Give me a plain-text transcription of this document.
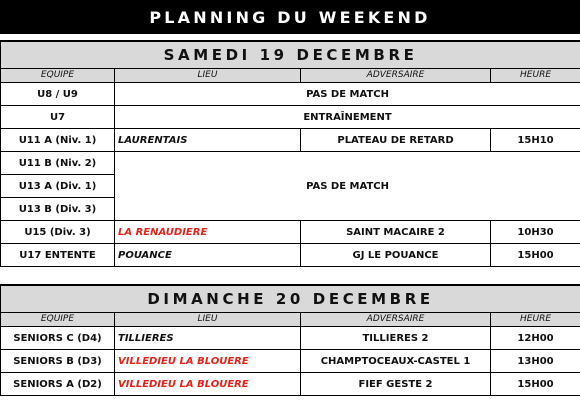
PLANNING DU WEEKEND
SAMEDI 19 DECEMBRE			
EQUIPE	LIEU	ADVERSAIRE	HEURE
U8 / U9	PAS DE MATCH		
U7	ENTRAÎNEMENT		
U11 A (Niv. 1)	LAURENTAIS	PLATEAU DE RETARD	15H10
U11 B (Niv. 2)	PAS DE MATCH		
U13 A (Div. 1)			
U13 B (Div. 3)			
U15 (Div. 3)	LA RENAUDIERE	SAINT MACAIRE 2	10H30
U17 ENTENTE	POUANCE	GJ LE POUANCE	15H00
DIMANCHE 20 DECEMBRE			
EQUIPE	LIEU	ADVERSAIRE	HEURE
SENIORS C (D4)	TILLIERES	TILLIERES 2	12H00
SENIORS B (D3)	VILLEDIEU LA BLOUERE	CHAMPTOCEAUX-CASTEL 1	13H00
SENIORS A (D2)	VILLEDIEU LA BLOUERE	FIEF GESTE 2	15H00
